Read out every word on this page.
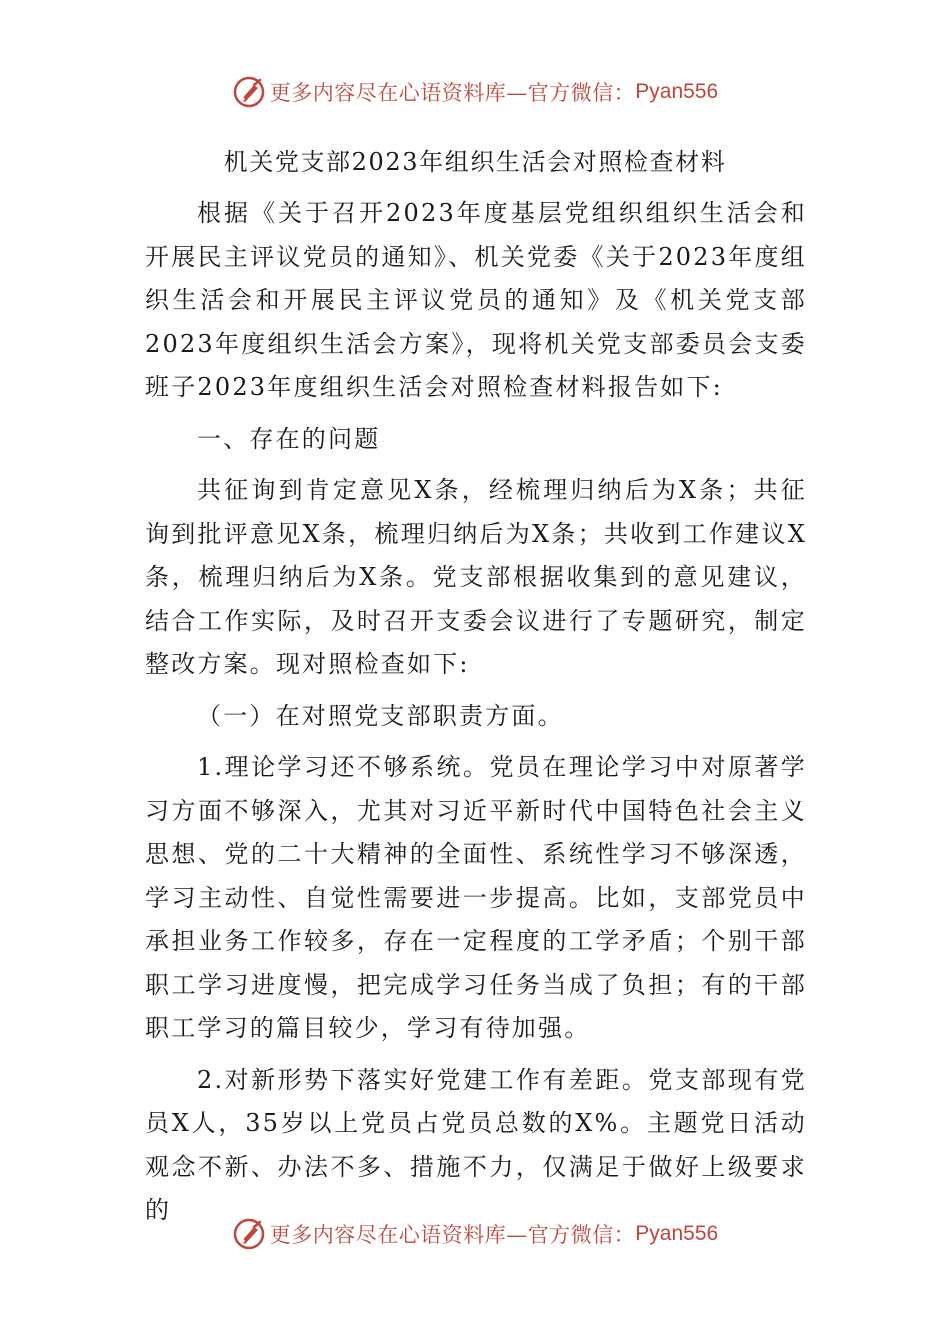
更多内容尽在心语资料库—官方微信： Pyan556
机关党支部2023年组织生活会对照检查材料

根据《关于召开2023年度基层党组织组织生活会和开展民主评议党员的通知》、机关党委《关于2023年度组织生活会和开展民主评议党员的通知》及《机关党支部2023年度组织生活会方案》，现将机关党支部委员会支委班子2023年度组织生活会对照检查材料报告如下:

一、存在的问题

共征询到肯定意见X条，经梳理归纳后为X条；共征询到批评意见X条，梳理归纳后为X条；共收到工作建议X条，梳理归纳后为X条。党支部根据收集到的意见建议，结合工作实际，及时召开支委会议进行了专题研究，制定整改方案。现对照检查如下:

（一）在对照党支部职责方面。

1.理论学习还不够系统。党员在理论学习中对原著学习方面不够深入，尤其对习近平新时代中国特色社会主义思想、党的二十大精神的全面性、系统性学习不够深透，学习主动性、自觉性需要进一步提高。比如，支部党员中承担业务工作较多，存在一定程度的工学矛盾；个别干部职工学习进度慢，把完成学习任务当成了负担；有的干部职工学习的篇目较少，学习有待加强。

2.对新形势下落实好党建工作有差距。党支部现有党员X人，35岁以上党员占党员总数的X%。主题党日活动观念不新、办法不多、措施不力，仅满足于做好上级要求的

更多内容尽在心语资料库—官方微信： Pyan556
